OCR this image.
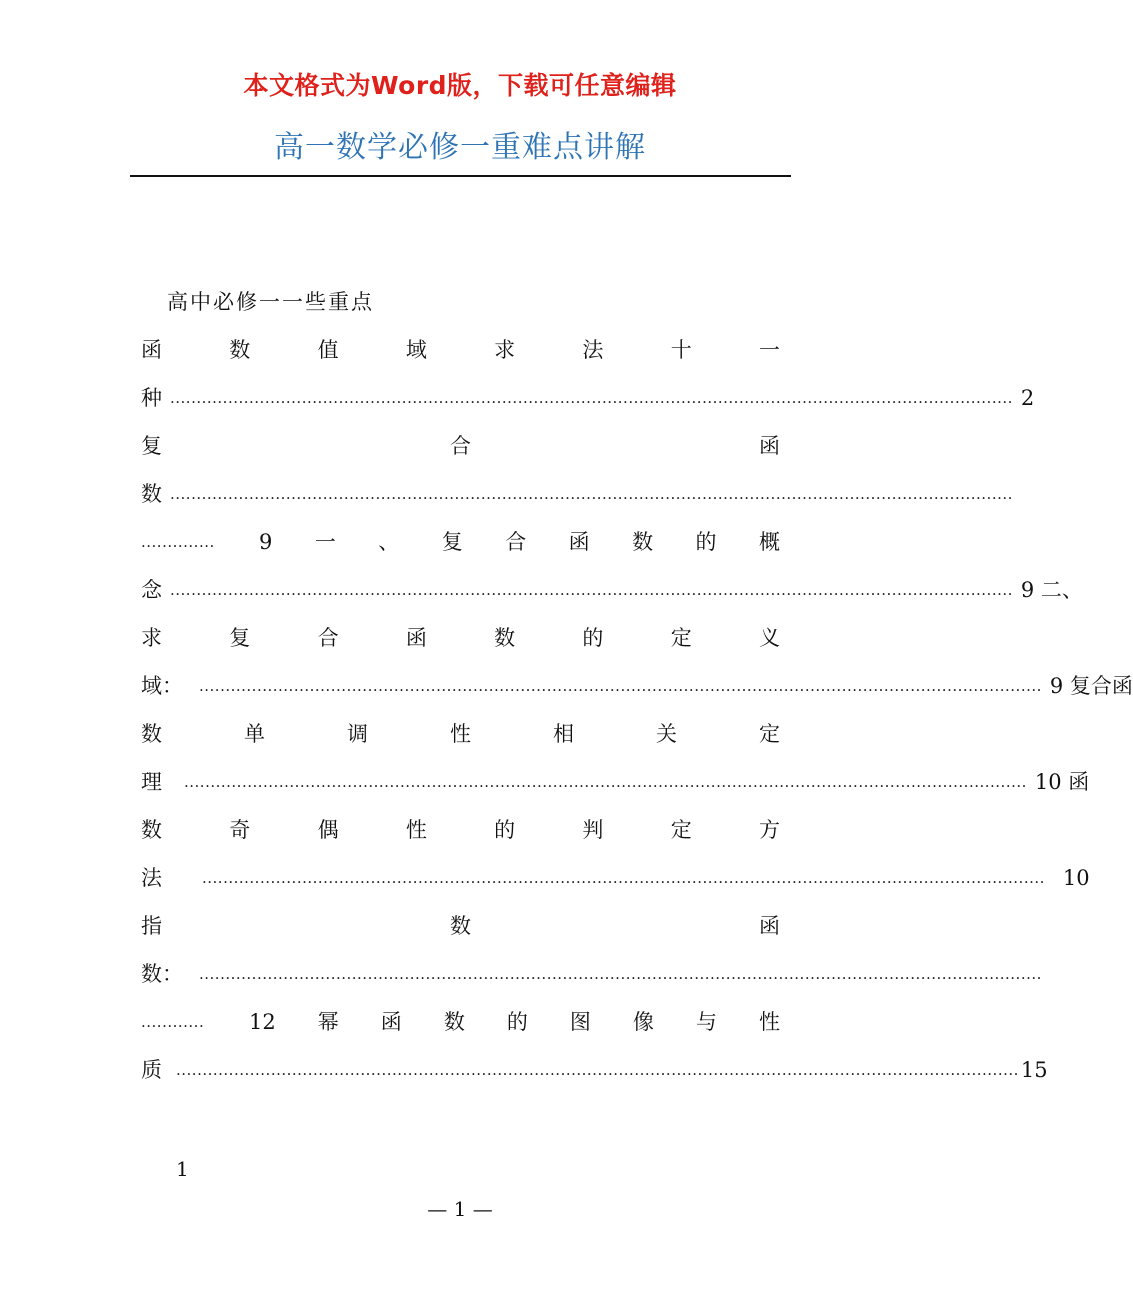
本文格式为Word版，下载可任意编辑
高一数学必修一重难点讲解
高中必修一一些重点
函	数	值	域	求	法	十	一
种 ................................................................................................................................................................ 2
复	合	函
数 ................................................................................................................................................................
.............. 9 一 、 复 合 函 数 的 概
念 ................................................................................................................................................................ 9 二、
求	复	合	函	数	的	定	义
域： ................................................................................................................................................................ 9 复合函
数	单	调	性	相	关	定
理 ................................................................................................................................................................ 10 函
数	奇	偶	性	的	判	定	方
法	................................................................................................................................................................ 10
指	数	函
数： ................................................................................................................................................................
............ 12 幂 函 数 的 图 像 与 性
质 ................................................................................................................................................................ 15
1
— 1 —
